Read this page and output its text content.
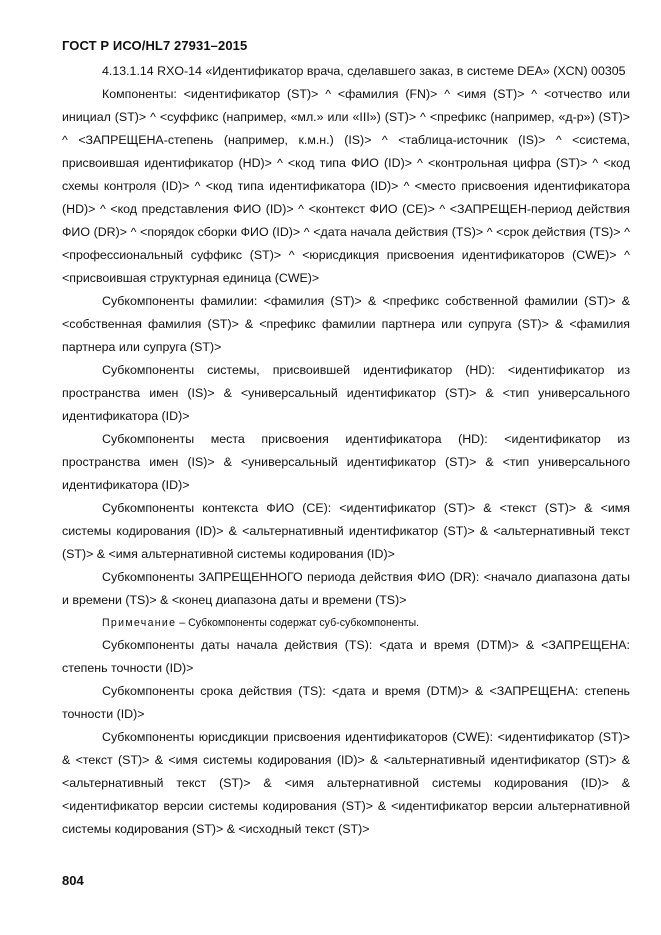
ГОСТ Р ИСО/HL7 27931–2015

4.13.1.14 RXO-14 «Идентификатор врача, сделавшего заказ, в системе DEA» (XCN) 00305

Компоненты: <идентификатор (ST)> ^ <фамилия (FN)> ^ <имя (ST)> ^ <отчество или инициал (ST)> ^ <суффикс (например, «мл.» или «III») (ST)> ^ <префикс (например, «д-р») (ST)> ^ <ЗАПРЕЩЕНА-степень (например, к.м.н.) (IS)> ^ <таблица-источник (IS)> ^ <система, присвоившая идентификатор (HD)> ^ <код типа ФИО (ID)> ^ <контрольная цифра (ST)> ^ <код схемы контроля (ID)> ^ <код типа идентификатора (ID)> ^ <место присвоения идентификатора (HD)> ^ <код представления ФИО (ID)> ^ <контекст ФИО (CE)> ^ <ЗАПРЕЩЕН-период действия ФИО (DR)> ^ <порядок сборки ФИО (ID)> ^ <дата начала действия (TS)> ^ <срок действия (TS)> ^ <профессиональный суффикс (ST)> ^ <юрисдикция присвоения идентификаторов (CWE)> ^ <присвоившая структурная единица (CWE)>

Субкомпоненты фамилии: <фамилия (ST)> & <префикс собственной фамилии (ST)> & <собственная фамилия (ST)> & <префикс фамилии партнера или супруга (ST)> & <фамилия партнера или супруга (ST)>

Субкомпоненты системы, присвоившей идентификатор (HD): <идентификатор из пространства имен (IS)> & <универсальный идентификатор (ST)> & <тип универсального идентификатора (ID)>

Субкомпоненты места присвоения идентификатора (HD): <идентификатор из пространства имен (IS)> & <универсальный идентификатор (ST)> & <тип универсального идентификатора (ID)>

Субкомпоненты контекста ФИО (CE): <идентификатор (ST)> & <текст (ST)> & <имя системы кодирования (ID)> & <альтернативный идентификатор (ST)> & <альтернативный текст (ST)> & <имя альтернативной системы кодирования (ID)>

Субкомпоненты ЗАПРЕЩЕННОГО периода действия ФИО (DR): <начало диапазона даты и времени (TS)> & <конец диапазона даты и времени (TS)>

Примечание – Субкомпоненты содержат суб-субкомпоненты.

Субкомпоненты даты начала действия (TS): <дата и время (DTM)> & <ЗАПРЕЩЕНА: степень точности (ID)>

Субкомпоненты срока действия (TS): <дата и время (DTM)> & <ЗАПРЕЩЕНА: степень точности (ID)>

Субкомпоненты юрисдикции присвоения идентификаторов (CWE): <идентификатор (ST)> & <текст (ST)> & <имя системы кодирования (ID)> & <альтернативный идентификатор (ST)> & <альтернативный текст (ST)> & <имя альтернативной системы кодирования (ID)> & <идентификатор версии системы кодирования (ST)> & <идентификатор версии альтернативной системы кодирования (ST)> & <исходный текст (ST)>

804
